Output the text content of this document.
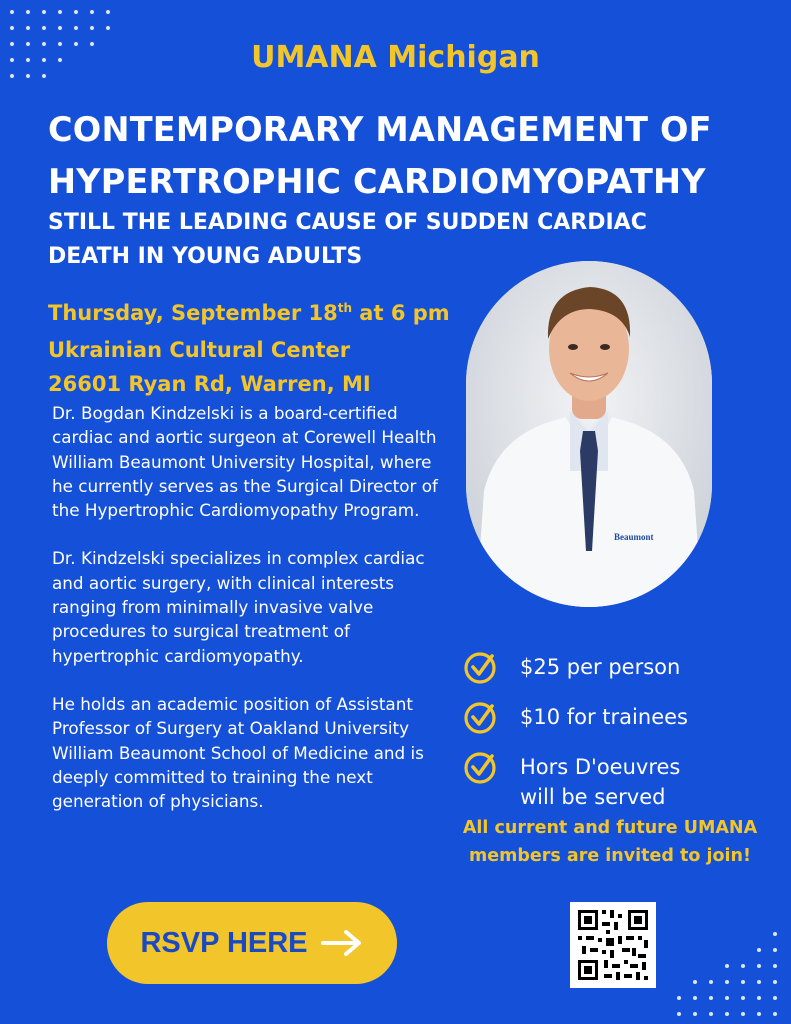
UMANA Michigan
CONTEMPORARY MANAGEMENT OF
HYPERTROPHIC CARDIOMYOPATHY
STILL THE LEADING CAUSE OF SUDDEN CARDIAC
DEATH IN YOUNG ADULTS
Thursday, September 18th at 6 pm
Ukrainian Cultural Center
26601 Ryan Rd, Warren, MI

Dr. Bogdan Kindzelski is a board-certified cardiac and aortic surgeon at Corewell Health William Beaumont University Hospital, where he currently serves as the Surgical Director of the Hypertrophic Cardiomyopathy Program.

Dr. Kindzelski specializes in complex cardiac and aortic surgery, with clinical interests ranging from minimally invasive valve procedures to surgical treatment of hypertrophic cardiomyopathy.

He holds an academic position of Assistant Professor of Surgery at Oakland University William Beaumont School of Medicine and is deeply committed to training the next generation of physicians.

Beaumont
$25 per person
$10 for trainees
Hors D'oeuvres
will be served
All current and future UMANA
members are invited to join!
RSVP HERE
